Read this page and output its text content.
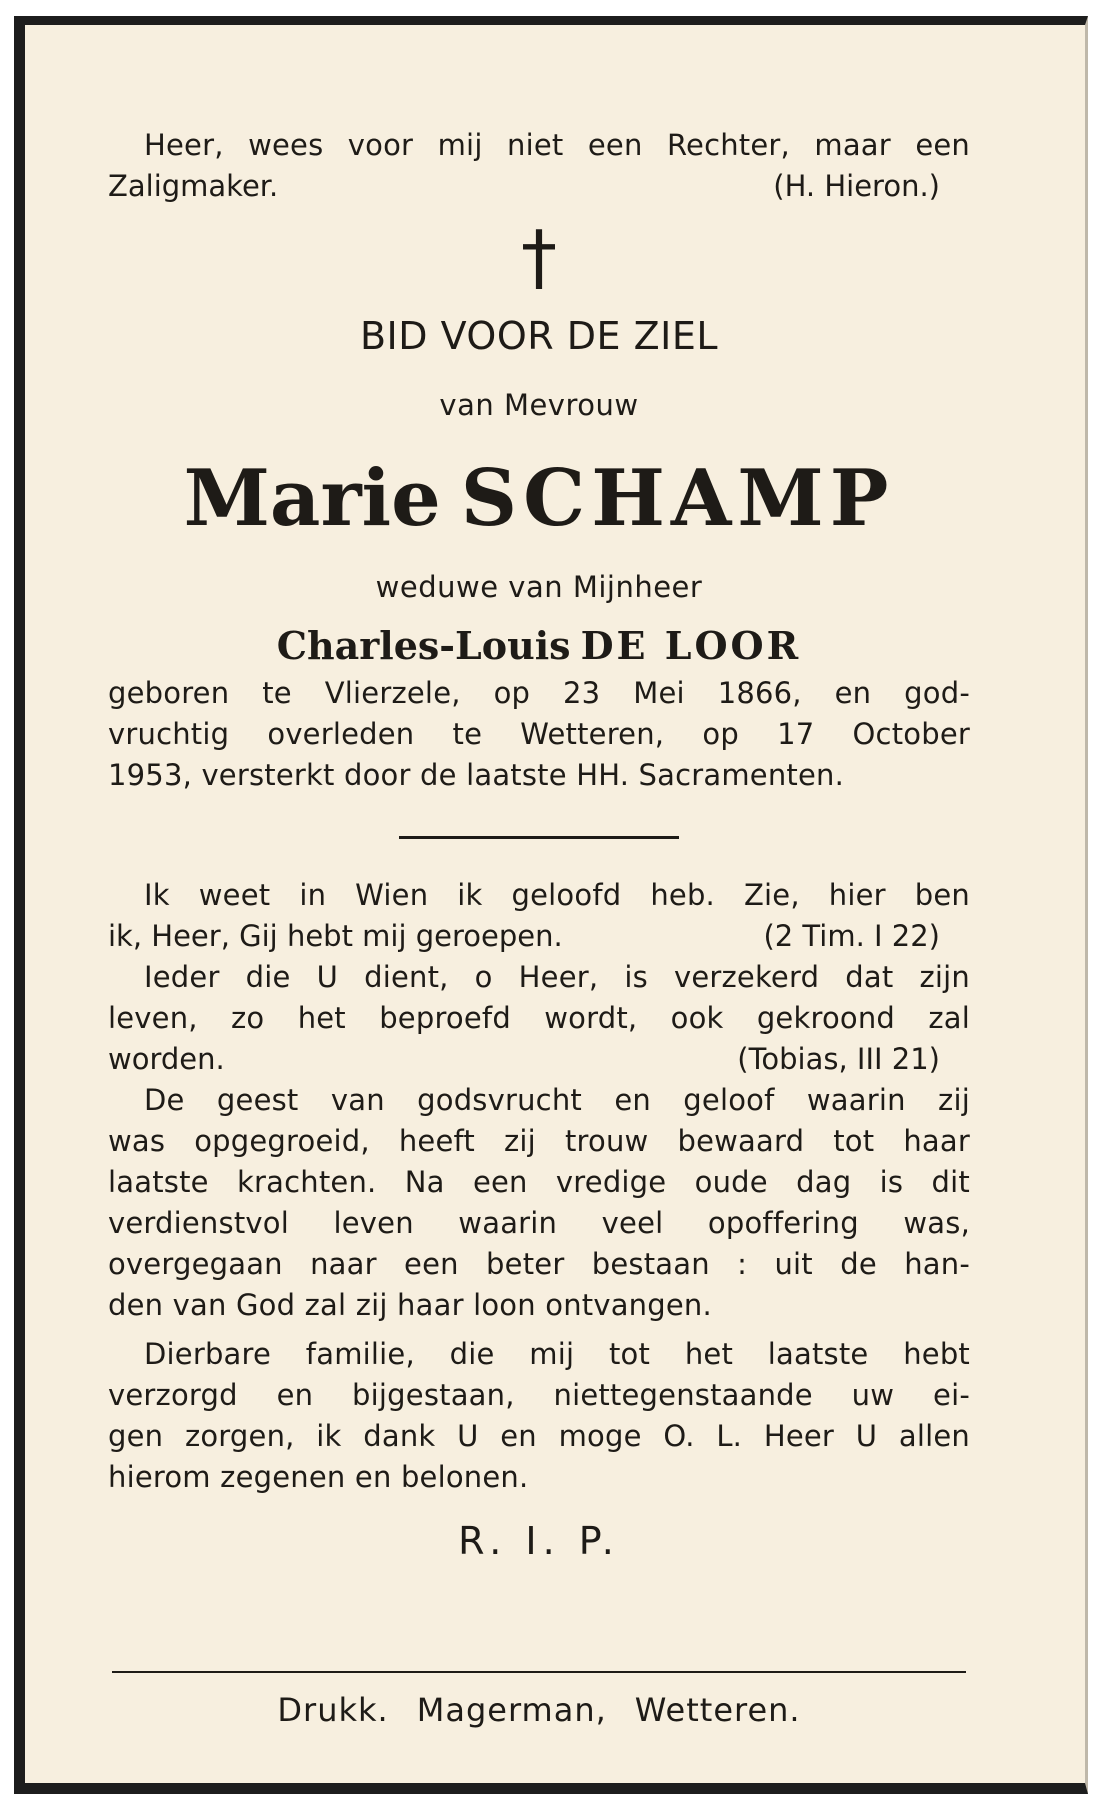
Heer, wees voor mij niet een Rechter, maar een

Zaligmaker.	(H. Hieron.)
†
BID VOOR DE ZIEL
van Mevrouw
Marie SCHAMP
weduwe van Mijnheer
Charles-Louis DE LOOR

geboren te Vlierzele, op 23 Mei 1866, en god-

vruchtig overleden te Wetteren, op 17 October

1953, versterkt door de laatste HH. Sacramenten.

Ik weet in Wien ik geloofd heb. Zie, hier ben

ik, Heer, Gij hebt mij geroepen.	(2 Tim. I 22)

Ieder die U dient, o Heer, is verzekerd dat zijn

leven, zo het beproefd wordt, ook gekroond zal

worden.	(Tobias, III 21)

De geest van godsvrucht en geloof waarin zij

was opgegroeid, heeft zij trouw bewaard tot haar

laatste krachten. Na een vredige oude dag is dit

verdienstvol leven waarin veel opoffering was,

overgegaan naar een beter bestaan : uit de han-

den van God zal zij haar loon ontvangen.

Dierbare familie, die mij tot het laatste hebt

verzorgd en bijgestaan, niettegenstaande uw ei-

gen zorgen, ik dank U en moge O. L. Heer U allen

hierom zegenen en belonen.

R. I. P.
Drukk. Magerman, Wetteren.
